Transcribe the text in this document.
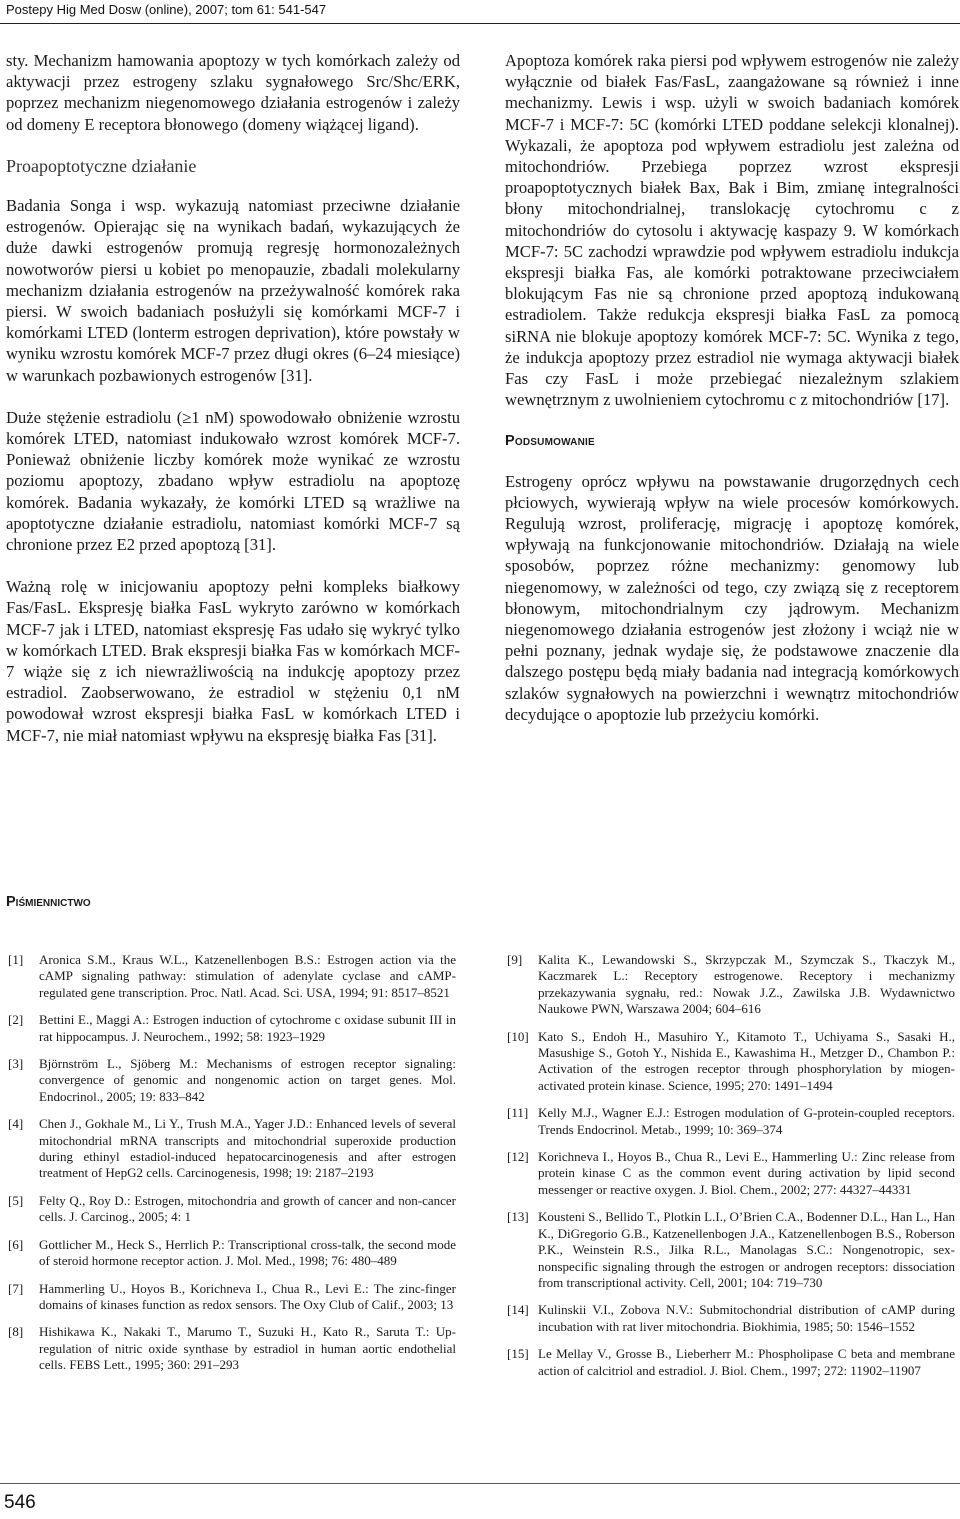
Postepy Hig Med Dosw (online), 2007; tom 61: 541-547

sty. Mechanizm hamowania apoptozy w tych komórkach zależy od aktywacji przez estrogeny szlaku sygnałowego Src/Shc/ERK, poprzez mechanizm niegenomowego działania estrogenów i zależy od domeny E receptora błonowego (domeny wiążącej ligand).

Proapoptotyczne działanie

Badania Songa i wsp. wykazują natomiast przeciwne działanie estrogenów. Opierając się na wynikach badań, wykazujących że duże dawki estrogenów promują regresję hormonozależnych nowotworów piersi u kobiet po menopauzie, zbadali molekularny mechanizm działania estrogenów na przeżywalność komórek raka piersi. W swoich badaniach posłużyli się komórkami MCF-7 i komórkami LTED (lonterm estrogen deprivation), które powstały w wyniku wzrostu komórek MCF-7 przez długi okres (6–24 miesiące) w warunkach pozbawionych estrogenów [31].

Duże stężenie estradiolu (≥1 nM) spowodowało obniżenie wzrostu komórek LTED, natomiast indukowało wzrost komórek MCF-7. Ponieważ obniżenie liczby komórek może wynikać ze wzrostu poziomu apoptozy, zbadano wpływ estradiolu na apoptozę komórek. Badania wykazały, że komórki LTED są wrażliwe na apoptotyczne działanie estradiolu, natomiast komórki MCF-7 są chronione przez E2 przed apoptozą [31].

Ważną rolę w inicjowaniu apoptozy pełni kompleks białkowy Fas/FasL. Ekspresję białka FasL wykryto zarówno w komórkach MCF-7 jak i LTED, natomiast ekspresję Fas udało się wykryć tylko w komórkach LTED. Brak ekspresji białka Fas w komórkach MCF-7 wiąże się z ich niewrażliwością na indukcję apoptozy przez estradiol. Zaobserwowano, że estradiol w stężeniu 0,1 nM powodował wzrost ekspresji białka FasL w komórkach LTED i MCF-7, nie miał natomiast wpływu na ekspresję białka Fas [31].

Apoptoza komórek raka piersi pod wpływem estrogenów nie zależy wyłącznie od białek Fas/FasL, zaangażowane są również i inne mechanizmy. Lewis i wsp. użyli w swoich badaniach komórek MCF-7 i MCF-7: 5C (komórki LTED poddane selekcji klonalnej). Wykazali, że apoptoza pod wpływem estradiolu jest zależna od mitochondriów. Przebiega poprzez wzrost ekspresji proapoptotycznych białek Bax, Bak i Bim, zmianę integralności błony mitochondrialnej, translokację cytochromu c z mitochondriów do cytosolu i aktywację kaspazy 9. W komórkach MCF-7: 5C zachodzi wprawdzie pod wpływem estradiolu indukcja ekspresji białka Fas, ale komórki potraktowane przeciwciałem blokującym Fas nie są chronione przed apoptozą indukowaną estradiolem. Także redukcja ekspresji białka FasL za pomocą siRNA nie blokuje apoptozy komórek MCF-7: 5C. Wynika z tego, że indukcja apoptozy przez estradiol nie wymaga aktywacji białek Fas czy FasL i może przebiegać niezależnym szlakiem wewnętrznym z uwolnieniem cytochromu c z mitochondriów [17].

Podsumowanie

Estrogeny oprócz wpływu na powstawanie drugorzędnych cech płciowych, wywierają wpływ na wiele procesów komórkowych. Regulują wzrost, proliferację, migrację i apoptozę komórek, wpływają na funkcjonowanie mitochondriów. Działają na wiele sposobów, poprzez różne mechanizmy: genomowy lub niegenomowy, w zależności od tego, czy związą się z receptorem błonowym, mitochondrialnym czy jądrowym. Mechanizm niegenomowego działania estrogenów jest złożony i wciąż nie w pełni poznany, jednak wydaje się, że podstawowe znaczenie dla dalszego postępu będą miały badania nad integracją komórkowych szlaków sygnałowych na powierzchni i wewnątrz mitochondriów decydujące o apoptozie lub przeżyciu komórki.

Piśmiennictwo
[1]	Aronica S.M., Kraus W.L., Katzenellenbogen B.S.: Estrogen action via the cAMP signaling pathway: stimulation of adenylate cyclase and cAMP-regulated gene transcription. Proc. Natl. Acad. Sci. USA, 1994; 91: 8517–8521
[2]	Bettini E., Maggi A.: Estrogen induction of cytochrome c oxidase subunit III in rat hippocampus. J. Neurochem., 1992; 58: 1923–1929
[3]	Björnström L., Sjöberg M.: Mechanisms of estrogen receptor signaling: convergence of genomic and nongenomic action on target genes. Mol. Endocrinol., 2005; 19: 833–842
[4]	Chen J., Gokhale M., Li Y., Trush M.A., Yager J.D.: Enhanced levels of several mitochondrial mRNA transcripts and mitochondrial superoxide production during ethinyl estadiol-induced hepatocarcinogenesis and after estrogen treatment of HepG2 cells. Carcinogenesis, 1998; 19: 2187–2193
[5]	Felty Q., Roy D.: Estrogen, mitochondria and growth of cancer and non-cancer cells. J. Carcinog., 2005; 4: 1
[6]	Gottlicher M., Heck S., Herrlich P.: Transcriptional cross-talk, the second mode of steroid hormone receptor action. J. Mol. Med., 1998; 76: 480–489
[7]	Hammerling U., Hoyos B., Korichneva I., Chua R., Levi E.: The zinc-finger domains of kinases function as redox sensors. The Oxy Club of Calif., 2003; 13
[8]	Hishikawa K., Nakaki T., Marumo T., Suzuki H., Kato R., Saruta T.: Up-regulation of nitric oxide synthase by estradiol in human aortic endothelial cells. FEBS Lett., 1995; 360: 291–293
[9]	Kalita K., Lewandowski S., Skrzypczak M., Szymczak S., Tkaczyk M., Kaczmarek L.: Receptory estrogenowe. Receptory i mechanizmy przekazywania sygnału, red.: Nowak J.Z., Zawilska J.B. Wydawnictwo Naukowe PWN, Warszawa 2004; 604–616
[10] Kato S., Endoh H., Masuhiro Y., Kitamoto T., Uchiyama S., Sasaki H., Masushige S., Gotoh Y., Nishida E., Kawashima H., Metzger D., Chambon P.: Activation of the estrogen receptor through phosphorylation by miogen-activated protein kinase. Science, 1995; 270: 1491–1494
[11] Kelly M.J., Wagner E.J.: Estrogen modulation of G-protein-coupled receptors. Trends Endocrinol. Metab., 1999; 10: 369–374
[12] Korichneva I., Hoyos B., Chua R., Levi E., Hammerling U.: Zinc release from protein kinase C as the common event during activation by lipid second messenger or reactive oxygen. J. Biol. Chem., 2002; 277: 44327–44331
[13] Kousteni S., Bellido T., Plotkin L.I., O’Brien C.A., Bodenner D.L., Han L., Han K., DiGregorio G.B., Katzenellenbogen J.A., Katzenellenbogen B.S., Roberson P.K., Weinstein R.S., Jilka R.L., Manolagas S.C.: Nongenotropic, sex-nonspecific signaling through the estrogen or androgen receptors: dissociation from transcriptional activity. Cell, 2001; 104: 719–730
[14] Kulinskii V.I., Zobova N.V.: Submitochondrial distribution of cAMP during incubation with rat liver mitochondria. Biokhimia, 1985; 50: 1546–1552
[15] Le Mellay V., Grosse B., Lieberherr M.: Phospholipase C beta and membrane action of calcitriol and estradiol. J. Biol. Chem., 1997; 272: 11902–11907
546
